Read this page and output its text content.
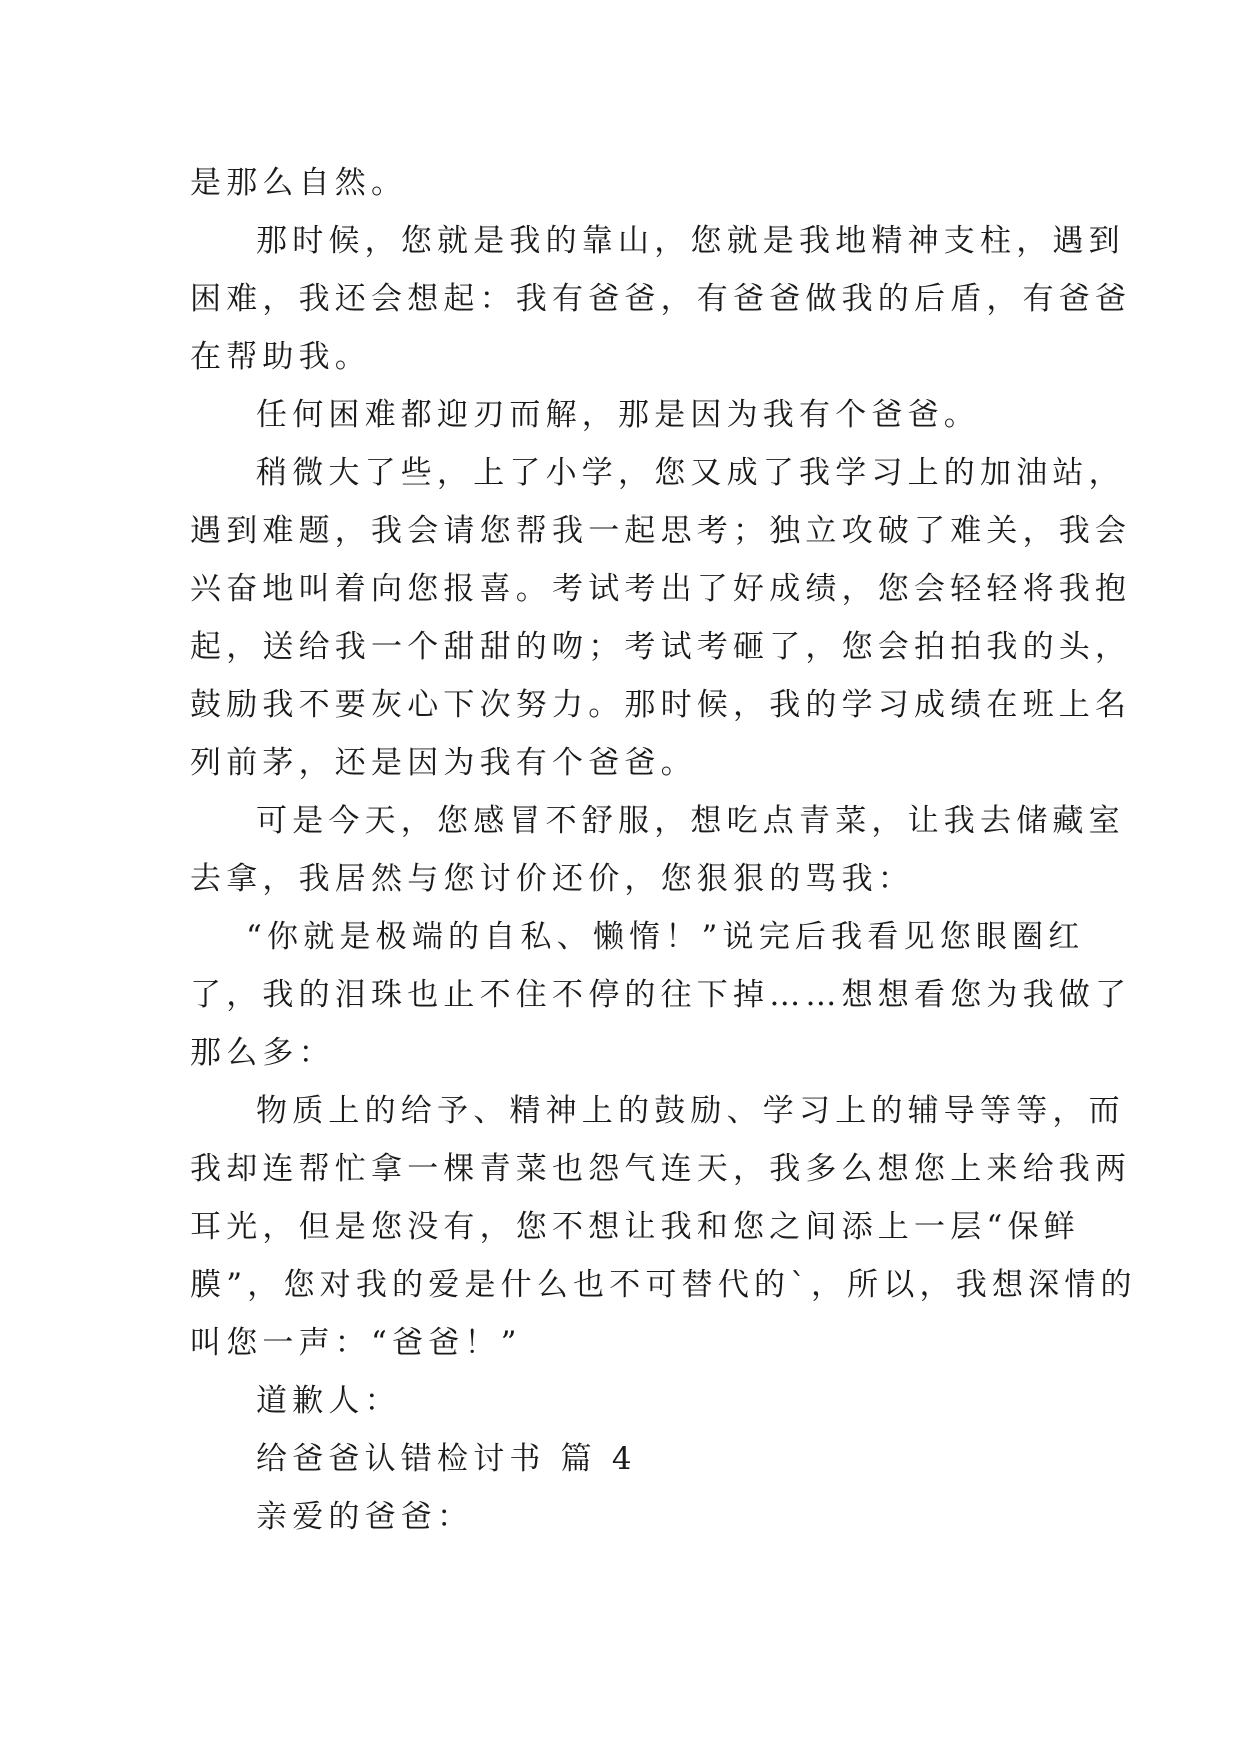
是那么自然。
那时候，您就是我的靠山，您就是我地精神支柱，遇到
困难，我还会想起：我有爸爸，有爸爸做我的后盾，有爸爸
在帮助我。
任何困难都迎刃而解，那是因为我有个爸爸。
稍微大了些，上了小学，您又成了我学习上的加油站，
遇到难题，我会请您帮我一起思考；独立攻破了难关，我会
兴奋地叫着向您报喜。考试考出了好成绩，您会轻轻将我抱
起，送给我一个甜甜的吻；考试考砸了，您会拍拍我的头，
鼓励我不要灰心下次努力。那时候，我的学习成绩在班上名
列前茅，还是因为我有个爸爸。
可是今天，您感冒不舒服，想吃点青菜，让我去储藏室
去拿，我居然与您讨价还价，您狠狠的骂我：
“你就是极端的自私、懒惰！”说完后我看见您眼圈红
了，我的泪珠也止不住不停的往下掉……想想看您为我做了
那么多：
物质上的给予、精神上的鼓励、学习上的辅导等等，而
我却连帮忙拿一棵青菜也怨气连天，我多么想您上来给我两
耳光，但是您没有，您不想让我和您之间添上一层“保鲜
膜”，您对我的爱是什么也不可替代的`，所以，我想深情的
叫您一声：“爸爸！”
道歉人：
给爸爸认错检讨书 篇 4
亲爱的爸爸：
